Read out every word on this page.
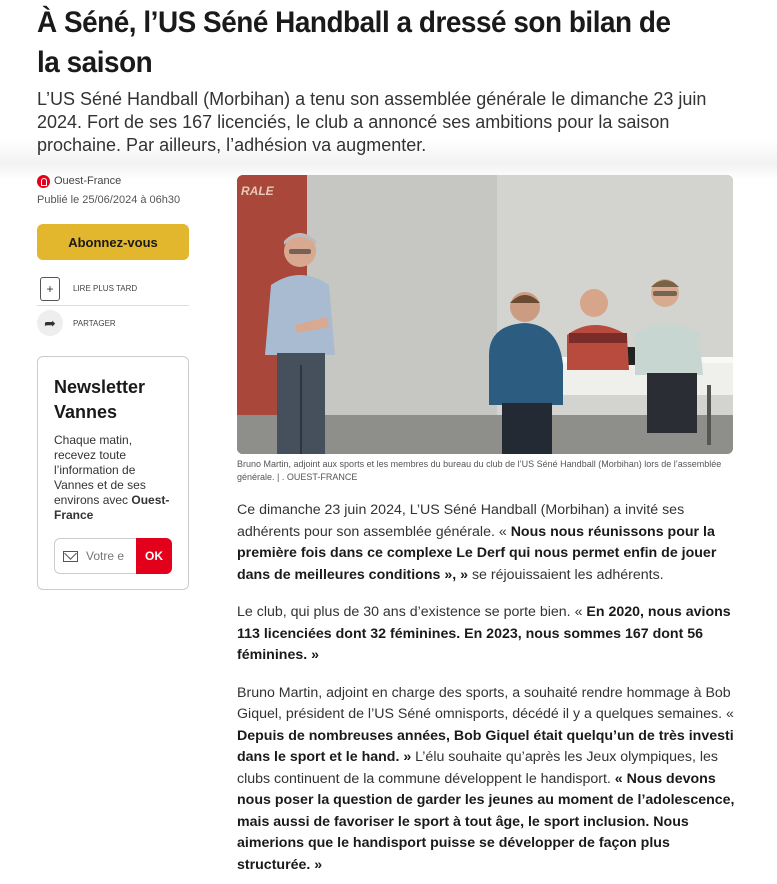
À Séné, l’US Séné Handball a dressé son bilan de la saison

L’US Séné Handball (Morbihan) a tenu son assemblée générale le dimanche 23 juin 2024. Fort de ses 167 licenciés, le club a annoncé ses ambitions pour la saison prochaine. Par ailleurs, l’adhésion va augmenter.

Ouest-France
Publié le 25/06/2024 à 06h30
Abonnez-vous
+	LIRE PLUS TARD
➦	PARTAGER
Newsletter Vannes
Chaque matin, recevez toute l’information de Vannes et de ses environs avec Ouest-France
Votre e
OK
RALE
Bruno Martin, adjoint aux sports et les membres du bureau du club de l’US Séné Handball (Morbihan) lors de l’assemblée générale. | . OUEST-FRANCE

Ce dimanche 23 juin 2024, L’US Séné Handball (Morbihan) a invité ses adhérents pour son assemblée générale. « Nous nous réunissons pour la première fois dans ce complexe Le Derf qui nous permet enfin de jouer dans de meilleures conditions », » se réjouissaient les adhérents.

Le club, qui plus de 30 ans d’existence se porte bien. « En 2020, nous avions 113 licenciées dont 32 féminines. En 2023, nous sommes 167 dont 56 féminines. »

Bruno Martin, adjoint en charge des sports, a souhaité rendre hommage à Bob Giquel, président de l’US Séné omnisports, décédé il y a quelques semaines. « Depuis de nombreuses années, Bob Giquel était quelqu’un de très investi dans le sport et le hand. » L’élu souhaite qu’après les Jeux olympiques, les clubs continuent de la commune développent le handisport. « Nous devons nous poser la question de garder les jeunes au moment de l’adolescence, mais aussi de favoriser le sport à tout âge, le sport inclusion. Nous aimerions que le handisport puisse se développer de façon plus structurée. »
